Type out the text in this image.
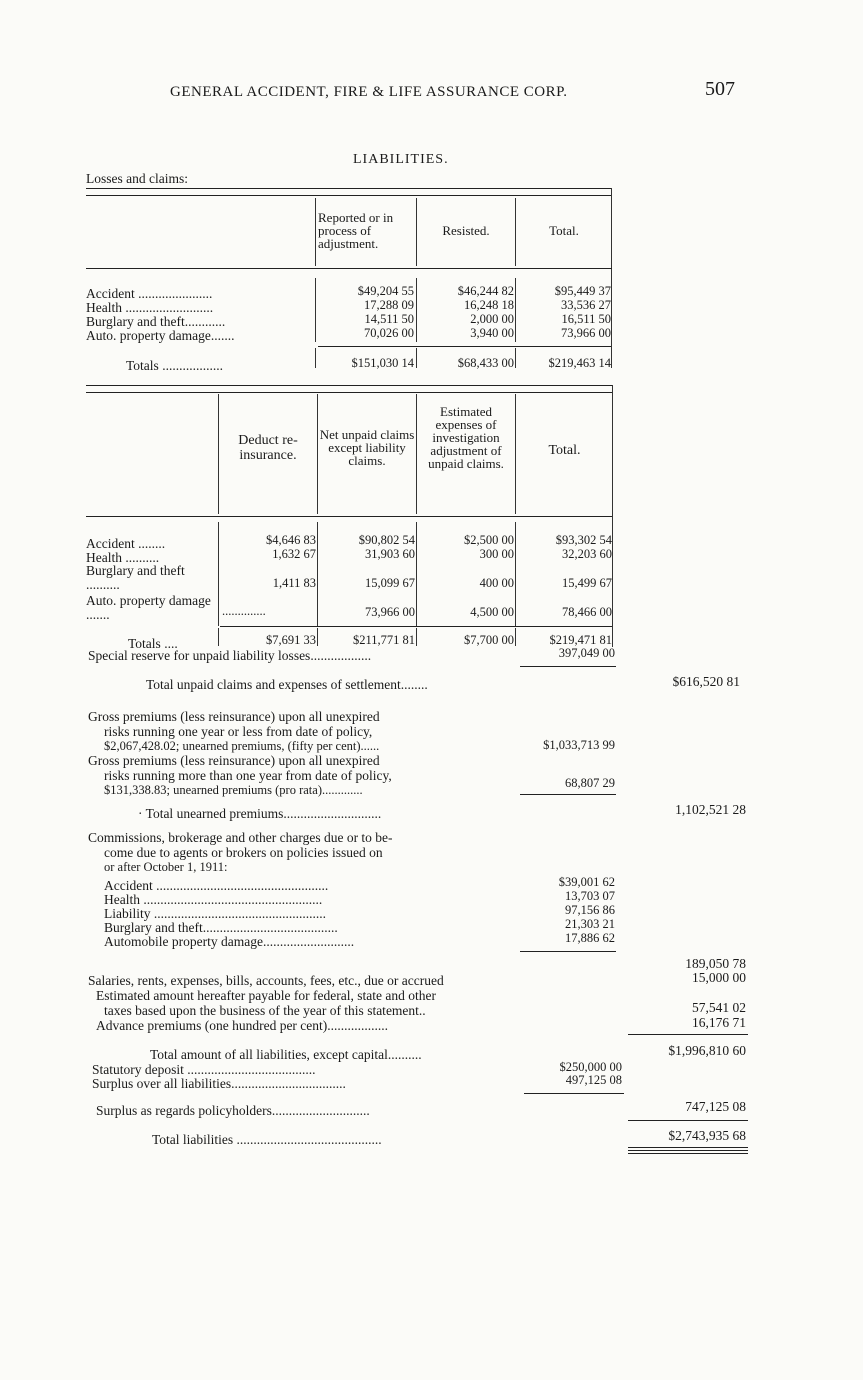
GENERAL ACCIDENT, FIRE & LIFE ASSURANCE CORP.	507
LIABILITIES.
Losses and claims:
Reported or in process of adjustment.
Resisted.	Total.
Accident ......................	$49,204 55	$46,244 82	$95,449 37
Health ..........................	17,288 09	16,248 18	33,536 27
Burglary and theft............	14,511 50	2,000 00	16,511 50
Auto. property damage.......	70,026 00	3,940 00	73,966 00
Totals ..................	$151,030 14	$68,433 00	$219,463 14
Deduct re-insurance.
Net unpaid claims except liability claims.
Estimated expenses of investigation adjustment of unpaid claims.
Total.
Accident ........	$4,646 83	$90,802 54	$2,500 00	$93,302 54
Health ..........	1,632 67	31,903 60	300 00	32,203 60
Burglary and theft ..........	1,411 83	15,099 67	400 00	15,499 67
Auto. property damage .......	..............	73,966 00	4,500 00	78,466 00
Totals ....	$7,691 33	$211,771 81	$7,700 00	$219,471 81
Special reserve for unpaid liability losses..................	397,049 00
Total unpaid claims and expenses of settlement........	$616,520 81
Gross premiums (less reinsurance) upon all unexpired
risks running one year or less from date of policy,
$2,067,428.02; unearned premiums, (fifty per cent)......	$1,033,713 99
Gross premiums (less reinsurance) upon all unexpired
risks running more than one year from date of policy,
$131,338.83; unearned premiums (pro rata).............	68,807 29
· Total unearned premiums.............................	1,102,521 28
Commissions, brokerage and other charges due or to be-
come due to agents or brokers on policies issued on
or after October 1, 1911:
Accident ...................................................	$39,001 62
Health .....................................................	13,703 07
Liability ...................................................	97,156 86
Burglary and theft........................................	21,303 21
Automobile property damage...........................	17,886 62
189,050 78
Salaries, rents, expenses, bills, accounts, fees, etc., due or accrued	15,000 00
Estimated amount hereafter payable for federal, state and other
taxes based upon the business of the year of this statement..	57,541 02
Advance premiums (one hundred per cent)..................	16,176 71
Total amount of all liabilities, except capital..........	$1,996,810 60
Statutory deposit ......................................	$250,000 00
Surplus over all liabilities..................................	497,125 08
Surplus as regards policyholders.............................	747,125 08
Total liabilities ...........................................	$2,743,935 68
